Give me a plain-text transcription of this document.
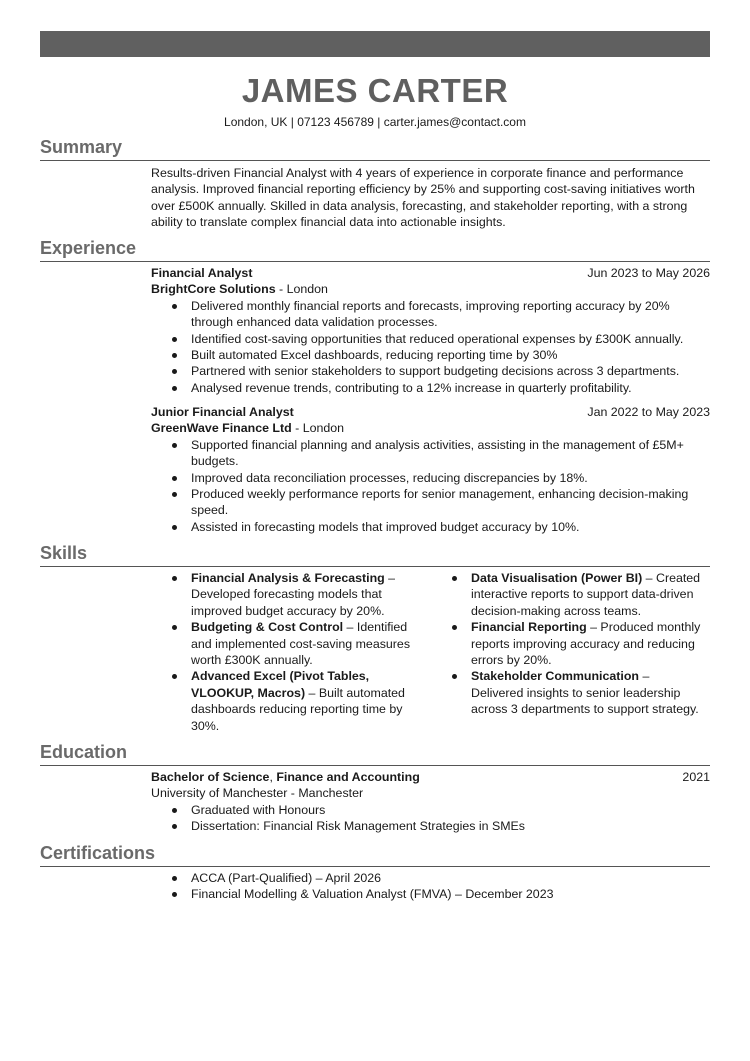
JAMES CARTER
London, UK | 07123 456789 | carter.james@contact.com
Summary
Results-driven Financial Analyst with 4 years of experience in corporate finance and performance analysis. Improved financial reporting efficiency by 25% and supporting cost-saving initiatives worth over £500K annually. Skilled in data analysis, forecasting, and stakeholder reporting, with a strong ability to translate complex financial data into actionable insights.
Experience
Financial Analyst	Jun 2023 to May 2026
BrightCore Solutions - London
Delivered monthly financial reports and forecasts, improving reporting accuracy by 20% through enhanced data validation processes.
Identified cost-saving opportunities that reduced operational expenses by £300K annually.
Built automated Excel dashboards, reducing reporting time by 30%
Partnered with senior stakeholders to support budgeting decisions across 3 departments.
Analysed revenue trends, contributing to a 12% increase in quarterly profitability.
Junior Financial Analyst	Jan 2022 to May 2023
GreenWave Finance Ltd - London
Supported financial planning and analysis activities, assisting in the management of £5M+ budgets.
Improved data reconciliation processes, reducing discrepancies by 18%.
Produced weekly performance reports for senior management, enhancing decision-making speed.
Assisted in forecasting models that improved budget accuracy by 10%.
Skills
Financial Analysis & Forecasting – Developed forecasting models that improved budget accuracy by 20%.
Budgeting & Cost Control – Identified and implemented cost-saving measures worth £300K annually.
Advanced Excel (Pivot Tables, VLOOKUP, Macros) – Built automated dashboards reducing reporting time by 30%.
Data Visualisation (Power BI) – Created interactive reports to support data-driven decision-making across teams.
Financial Reporting – Produced monthly reports improving accuracy and reducing errors by 20%.
Stakeholder Communication – Delivered insights to senior leadership across 3 departments to support strategy.
Education
Bachelor of Science, Finance and Accounting	2021
University of Manchester - Manchester
Graduated with Honours
Dissertation: Financial Risk Management Strategies in SMEs
Certifications
ACCA (Part-Qualified) – April 2026
Financial Modelling & Valuation Analyst (FMVA) – December 2023
